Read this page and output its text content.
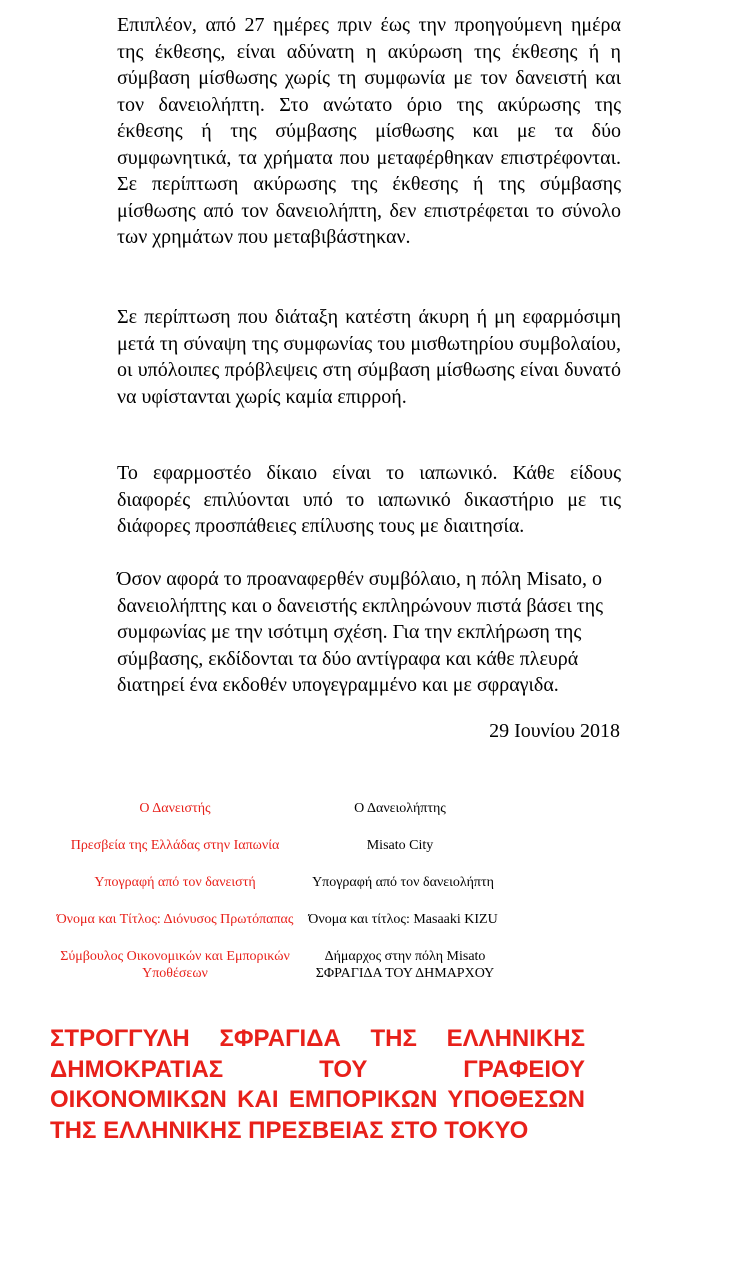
Επιπλέον, από 27 ημέρες πριν έως την προηγούμενη ημέρα της έκθεσης, είναι αδύνατη η ακύρωση της έκθεσης ή η σύμβαση μίσθωσης χωρίς τη συμφωνία με τον δανειστή και τον δανειολήπτη. Στο ανώτατο όριο της ακύρωσης της έκθεσης ή της σύμβασης μίσθωσης και με τα δύο συμφωνητικά, τα χρήματα που μεταφέρθηκαν επιστρέφονται. Σε περίπτωση ακύρωσης της έκθεσης ή της σύμβασης μίσθωσης από τον δανειολήπτη, δεν επιστρέφεται το σύνολο των χρημάτων που μεταβιβάστηκαν.

Σε περίπτωση που διάταξη κατέστη άκυρη ή μη εφαρμόσιμη μετά τη σύναψη της συμφωνίας του μισθωτηρίου συμβολαίου, οι υπόλοιπες πρόβλεψεις στη σύμβαση μίσθωσης είναι δυνατό να υφίστανται χωρίς καμία επιρροή.

Το εφαρμοστέο δίκαιο είναι το ιαπωνικό. Κάθε είδους διαφορές επιλύονται υπό το ιαπωνικό δικαστήριο με τις διάφορες προσπάθειες επίλυσης τους με διαιτησία.

Όσον αφορά το προαναφερθέν συμβόλαιο, η πόλη Misato, ο δανειολήπτης και ο δανειστής εκπληρώνουν πιστά βάσει της συμφωνίας με την ισότιμη σχέση. Για την εκπλήρωση της σύμβασης, εκδίδονται τα δύο αντίγραφα και κάθε πλευρά διατηρεί ένα εκδοθέν υπογεγραμμένο και με σφραγιδα.

29 Ιουνίου 2018
Ο Δανειστής
Πρεσβεία της Ελλάδας στην Ιαπωνία
Υπογραφή από τον δανειστή
Όνομα και Τίτλος: Διόνυσος Πρωτόπαπας
Σύμβουλος Οικονομικών και Εμπορικών
Υποθέσεων
Ο Δανειολήπτης
Misato City
Υπογραφή από τον δανειολήπτη
Όνομα και τίτλος: Masaaki KIZU
Δήμαρχος στην πόλη Misato
ΣΦΡΑΓΙΔΑ ΤΟΥ ΔΗΜΑΡΧΟΥ

ΣΤΡΟΓΓΥΛΗ ΣΦΡΑΓΙΔΑ ΤΗΣ ΕΛΛΗΝΙΚΗΣ ΔΗΜΟΚΡΑΤΙΑΣ ΤΟΥ ΓΡΑΦΕΙΟΥ ΟΙΚΟΝΟΜΙΚΩΝ ΚΑΙ ΕΜΠΟΡΙΚΩΝ ΥΠΟΘΕΣΩΝ ΤΗΣ ΕΛΛΗΝΙΚΗΣ ΠΡΕΣΒΕΙΑΣ ΣΤΟ ΤΟΚΥΟ
